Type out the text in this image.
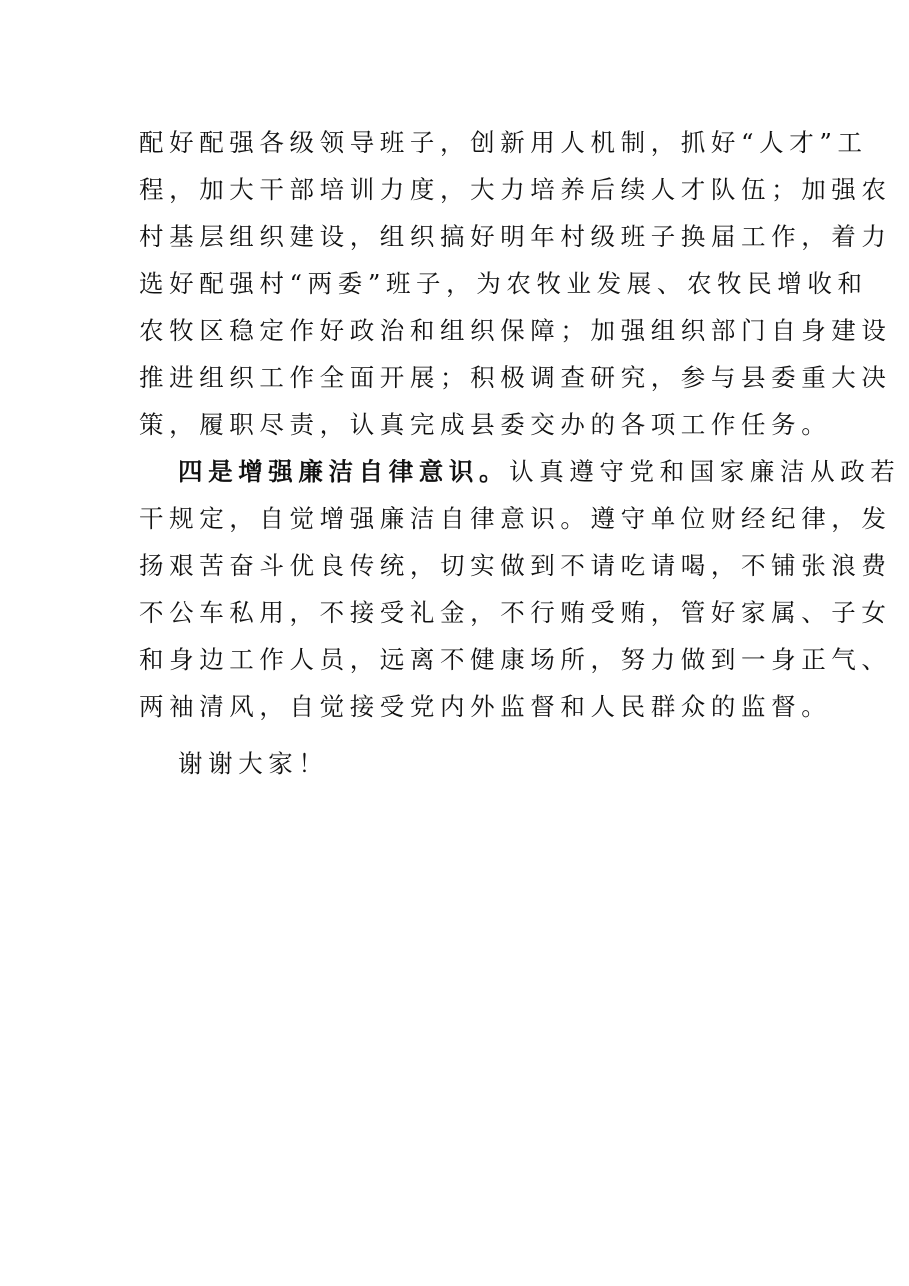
配好配强各级领导班子，创新用人机制，抓好“人才”工
程，加大干部培训力度，大力培养后续人才队伍；加强农
村基层组织建设，组织搞好明年村级班子换届工作，着力
选好配强村“两委”班子，为农牧业发展、农牧民增收和
农牧区稳定作好政治和组织保障；加强组织部门自身建设
推进组织工作全面开展；积极调查研究，参与县委重大决
策，履职尽责，认真完成县委交办的各项工作任务。
四是增强廉洁自律意识。认真遵守党和国家廉洁从政若
干规定，自觉增强廉洁自律意识。遵守单位财经纪律，发
扬艰苦奋斗优良传统，切实做到不请吃请喝，不铺张浪费
不公车私用，不接受礼金，不行贿受贿，管好家属、子女
和身边工作人员，远离不健康场所，努力做到一身正气、
两袖清风，自觉接受党内外监督和人民群众的监督。
谢谢大家！
